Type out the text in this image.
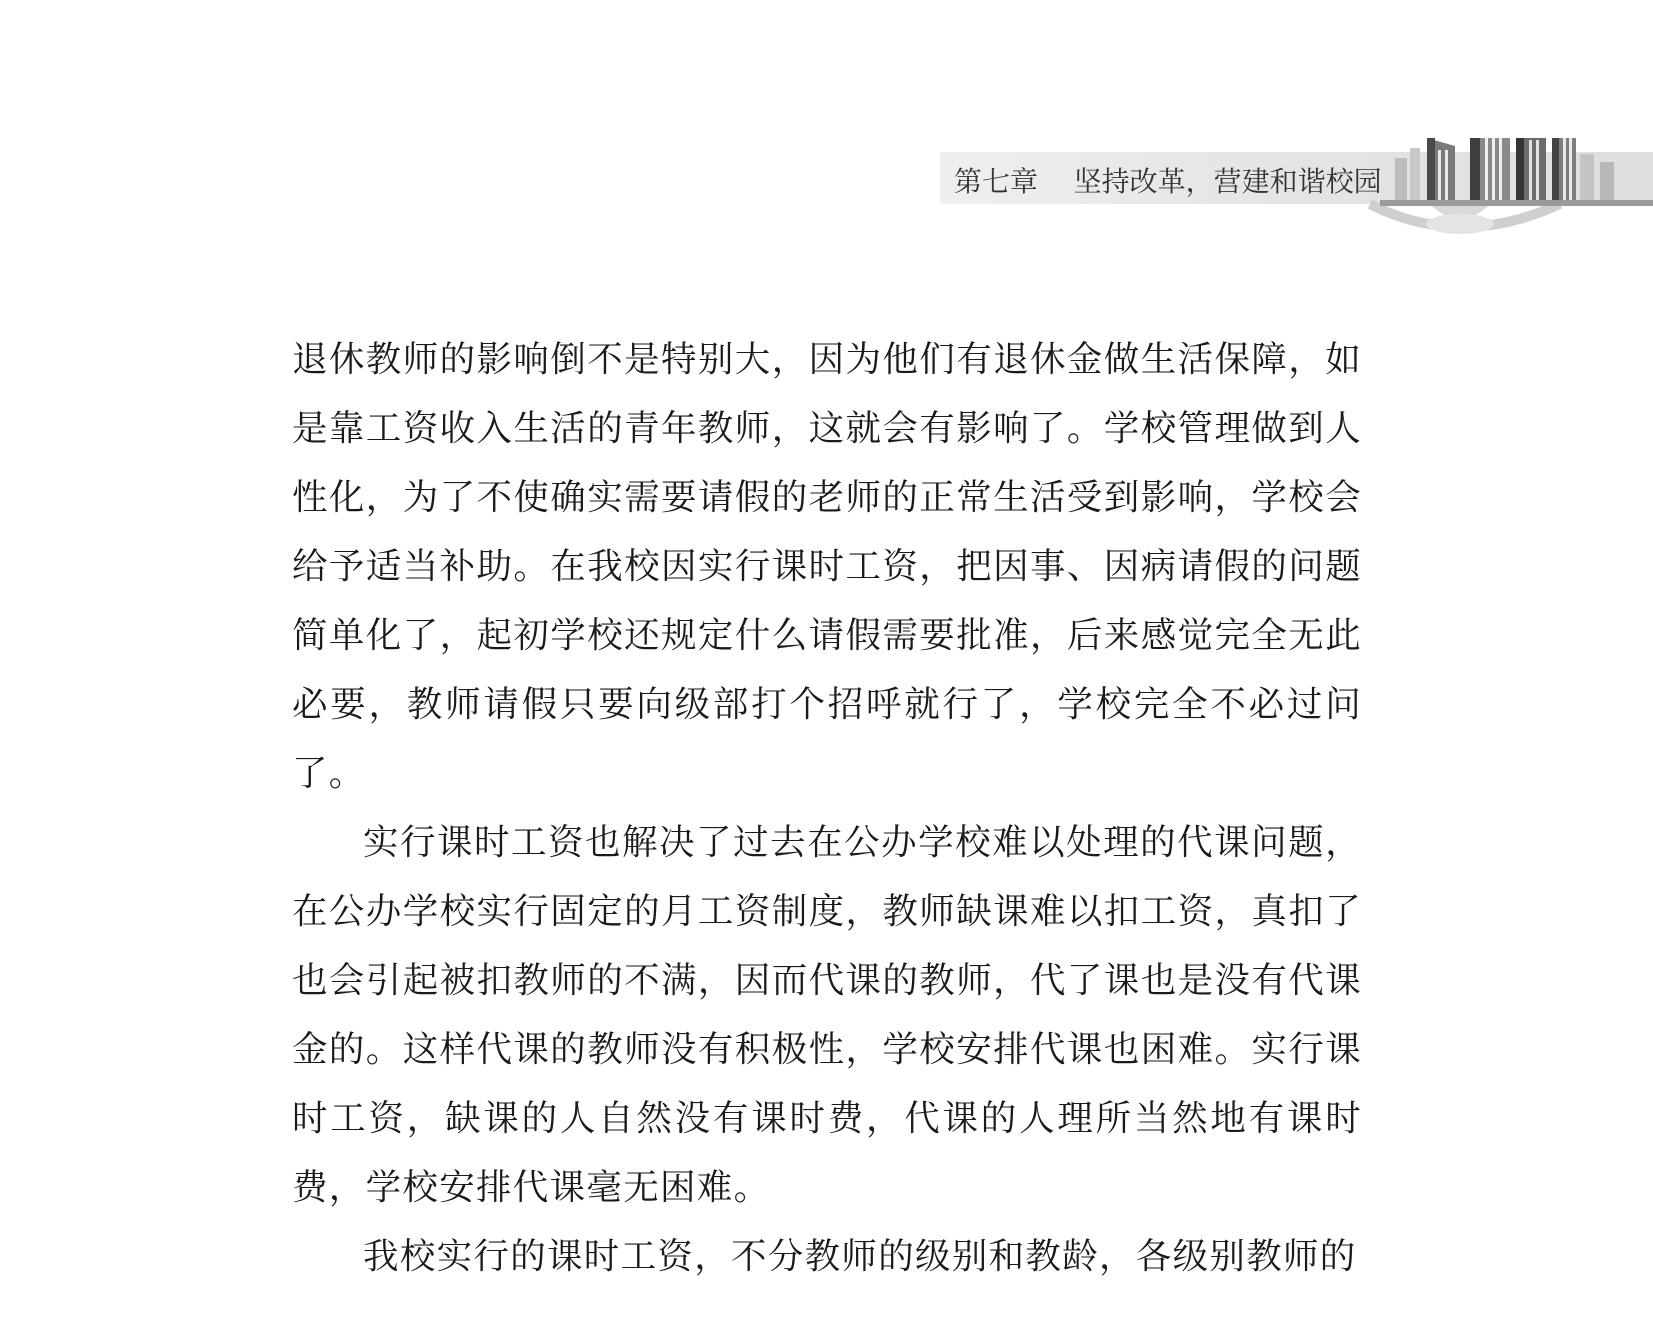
第七章    坚持改革，营建和谐校园

退休教师的影响倒不是特别大，因为他们有退休金做生活保障，如是靠工资收入生活的青年教师，这就会有影响了。学校管理做到人性化，为了不使确实需要请假的老师的正常生活受到影响，学校会给予适当补助。在我校因实行课时工资，把因事、因病请假的问题简单化了，起初学校还规定什么请假需要批准，后来感觉完全无此必要，教师请假只要向级部打个招呼就行了，学校完全不必过问了。

实行课时工资也解决了过去在公办学校难以处理的代课问题，在公办学校实行固定的月工资制度，教师缺课难以扣工资，真扣了也会引起被扣教师的不满，因而代课的教师，代了课也是没有代课金的。这样代课的教师没有积极性，学校安排代课也困难。实行课时工资，缺课的人自然没有课时费，代课的人理所当然地有课时费，学校安排代课毫无困难。

我校实行的课时工资，不分教师的级别和教龄，各级别教师的
